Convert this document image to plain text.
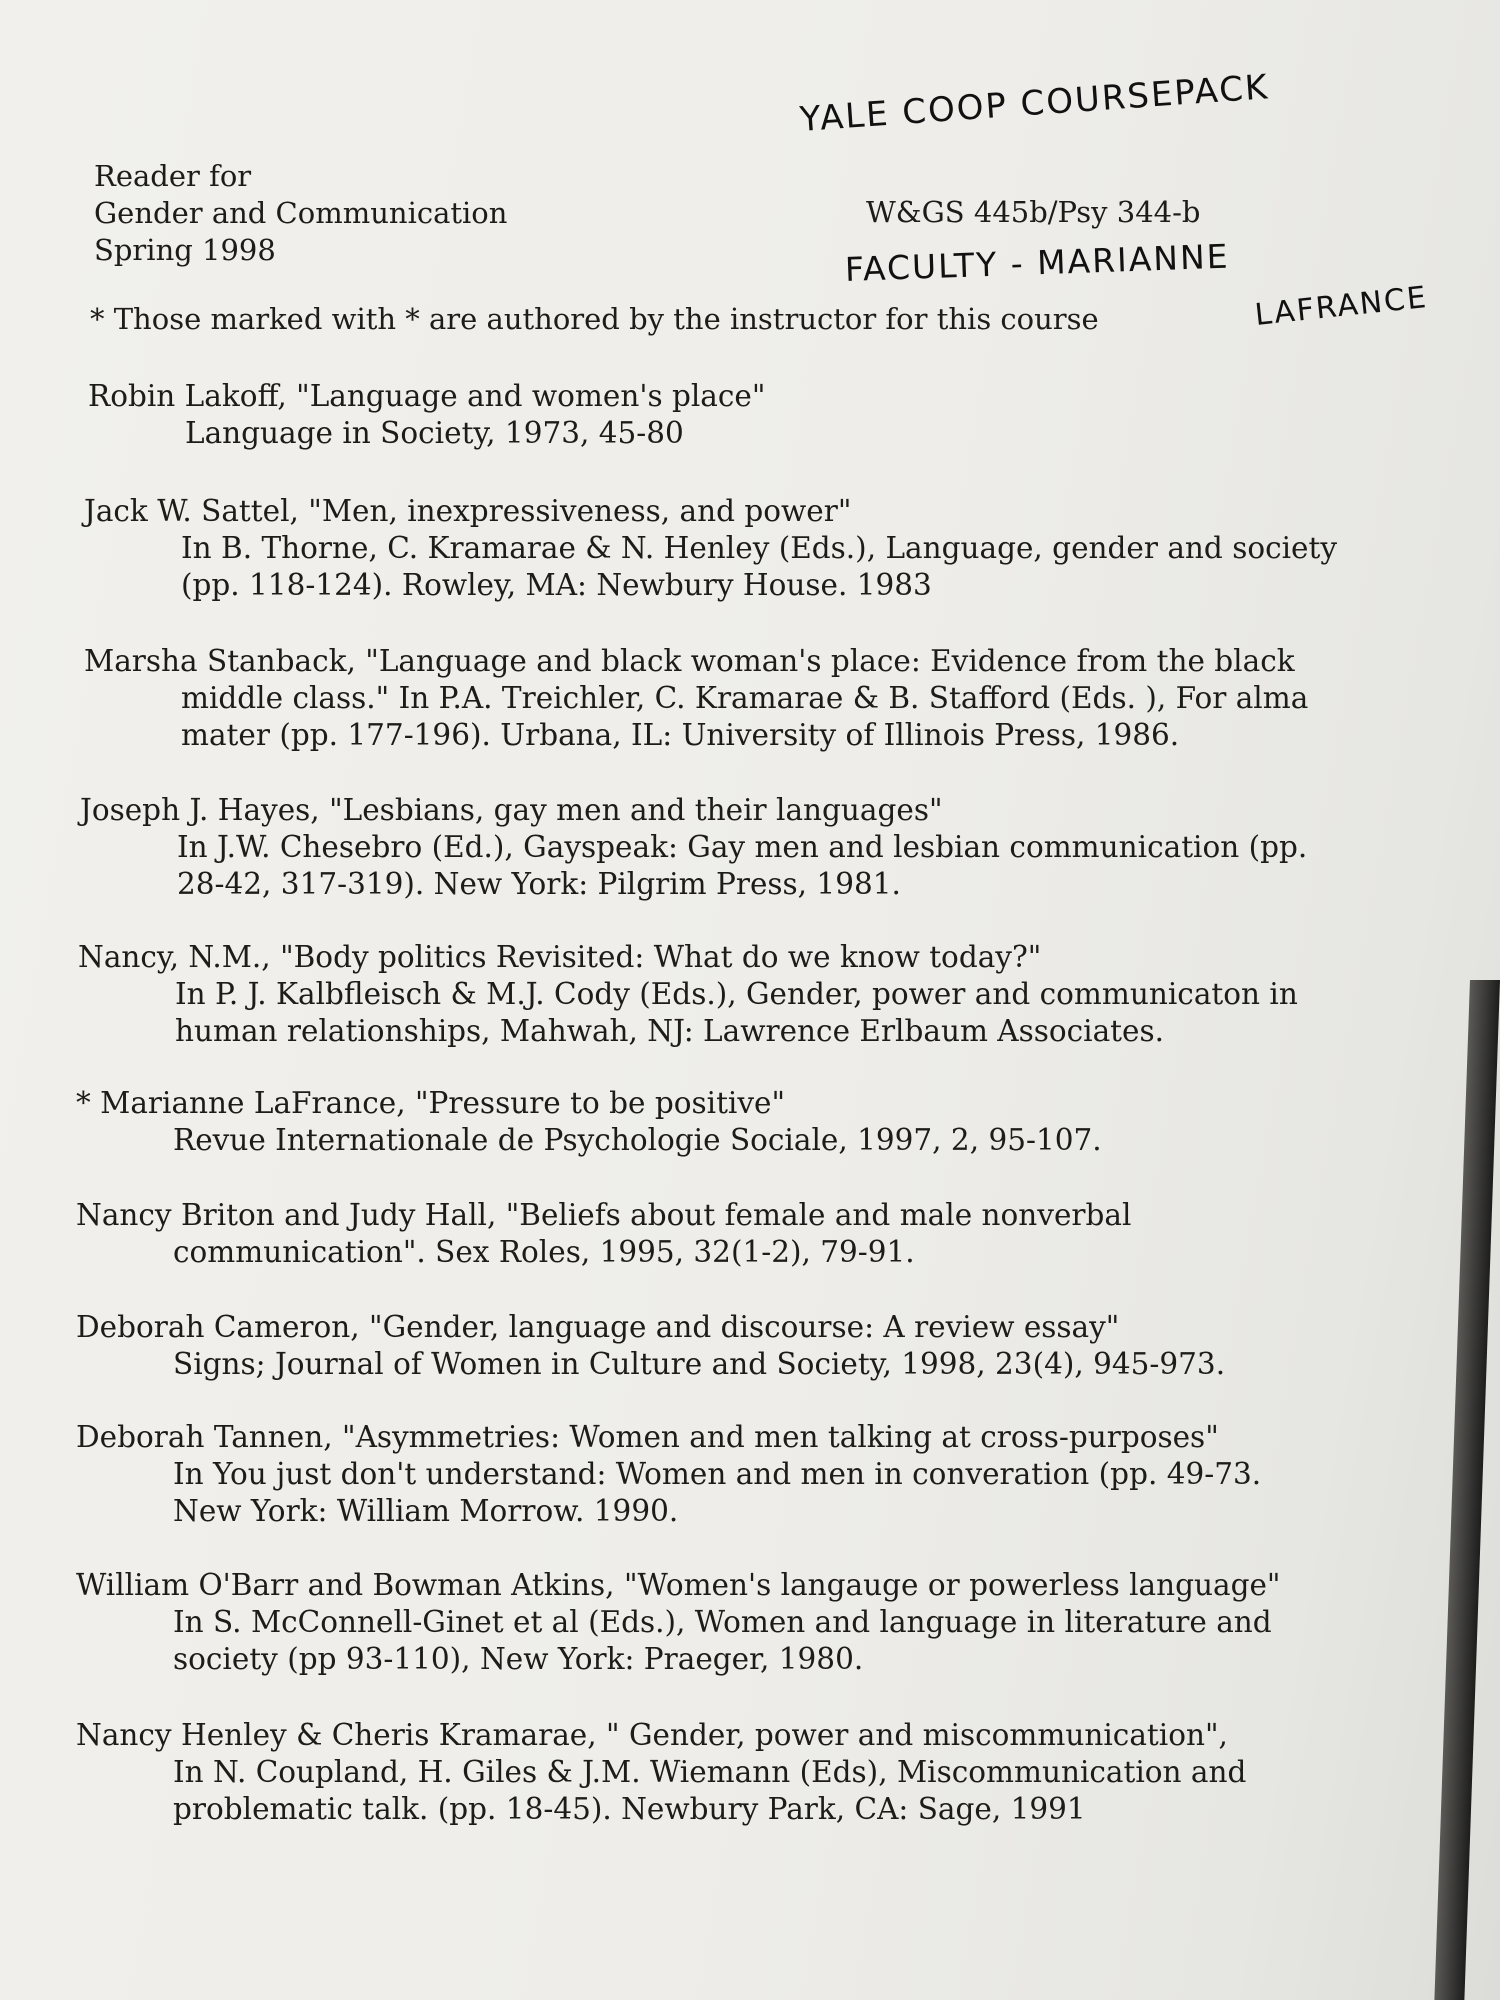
Reader for
Gender and Communication
Spring 1998
W&GS 445b/Psy 344-b
YALE COOP COURSEPACK
FACULTY - MARIANNE
LAFRANCE
* Those marked with * are authored by the instructor for this course
Robin Lakoff, "Language and women's place"
Language in Society, 1973, 45-80
Jack W. Sattel, "Men, inexpressiveness, and power"
In B. Thorne, C. Kramarae & N. Henley (Eds.), Language, gender and society
(pp. 118-124). Rowley, MA: Newbury House. 1983
Marsha Stanback, "Language and black woman's place: Evidence from the black
middle class." In P.A. Treichler, C. Kramarae & B. Stafford (Eds. ), For alma
mater (pp. 177-196). Urbana, IL: University of Illinois Press, 1986.
Joseph J. Hayes, "Lesbians, gay men and their languages"
In J.W. Chesebro (Ed.), Gayspeak: Gay men and lesbian communication (pp.
28-42, 317-319). New York: Pilgrim Press, 1981.
Nancy, N.M., "Body politics Revisited: What do we know today?"
In P. J. Kalbfleisch & M.J. Cody (Eds.), Gender, power and communicaton in
human relationships, Mahwah, NJ: Lawrence Erlbaum Associates.
* Marianne LaFrance, "Pressure to be positive"
Revue Internationale de Psychologie Sociale, 1997, 2, 95-107.
Nancy Briton and Judy Hall, "Beliefs about female and male nonverbal
communication". Sex Roles, 1995, 32(1-2), 79-91.
Deborah Cameron, "Gender, language and discourse: A review essay"
Signs; Journal of Women in Culture and Society, 1998, 23(4), 945-973.
Deborah Tannen, "Asymmetries: Women and men talking at cross-purposes"
In You just don't understand: Women and men in converation (pp. 49-73.
New York: William Morrow. 1990.
William O'Barr and Bowman Atkins, "Women's langauge or powerless language"
In S. McConnell-Ginet et al (Eds.), Women and language in literature and
society (pp 93-110), New York: Praeger, 1980.
Nancy Henley & Cheris Kramarae, " Gender, power and miscommunication",
In N. Coupland, H. Giles & J.M. Wiemann (Eds), Miscommunication and
problematic talk. (pp. 18-45). Newbury Park, CA: Sage, 1991
